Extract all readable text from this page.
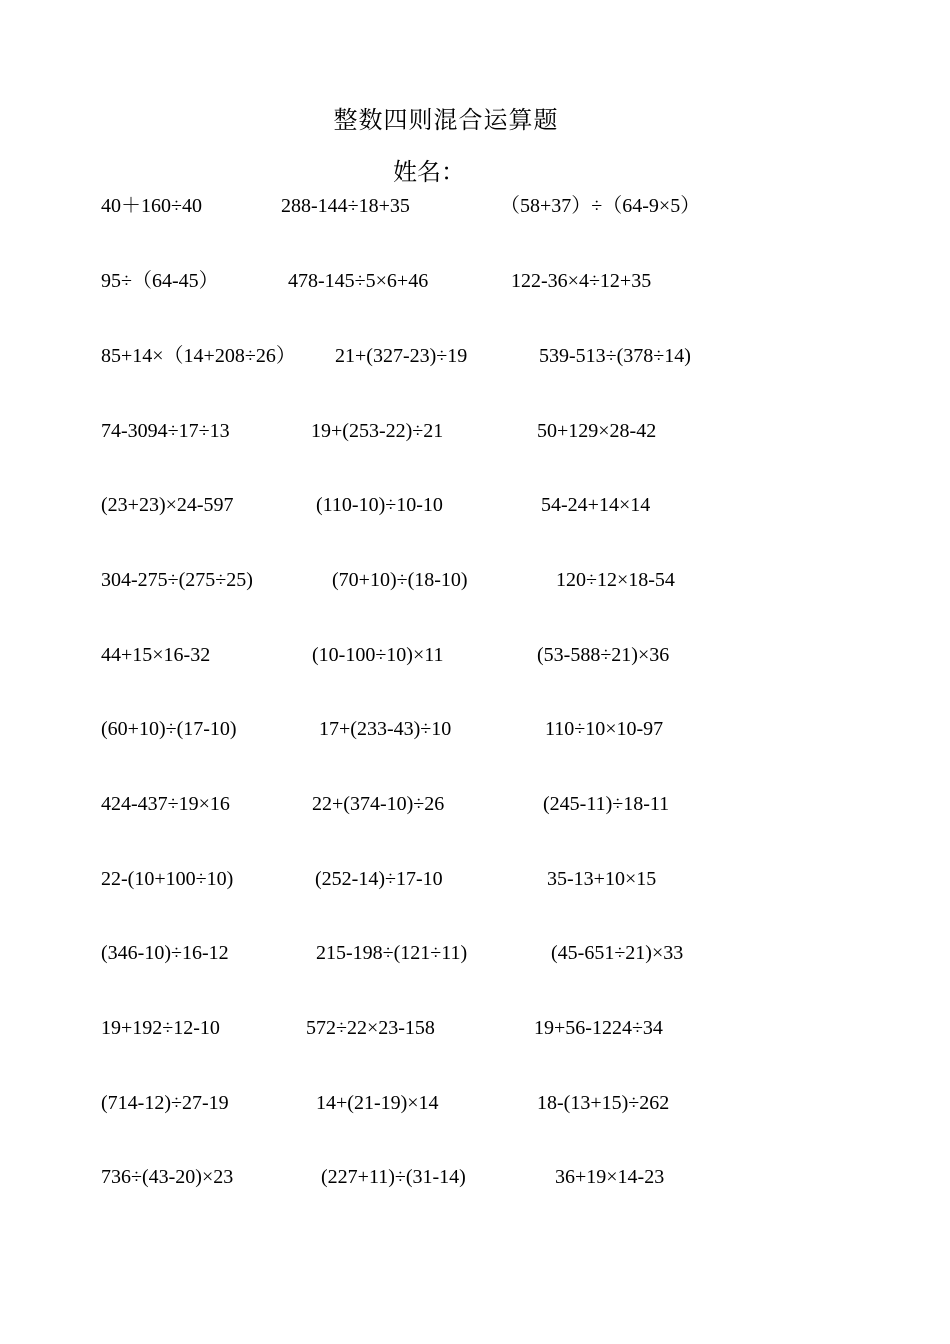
整数四则混合运算题
姓名：
40＋160÷40	288-144÷18+35	（58+37）÷（64-9×5）
95÷（64-45）	478-145÷5×6+46	122-36×4÷12+35
85+14×（14+208÷26） 21+(327-23)÷19	539-513÷(378÷14)
74-3094÷17÷13	19+(253-22)÷21	50+129×28-42
(23+23)×24-597	(110-10)÷10-10	54-24+14×14
304-275÷(275÷25)	(70+10)÷(18-10)	120÷12×18-54
44+15×16-32	(10-100÷10)×11	(53-588÷21)×36
(60+10)÷(17-10)	17+(233-43)÷10	110÷10×10-97
424-437÷19×16	22+(374-10)÷26	(245-11)÷18-11
22-(10+100÷10)	(252-14)÷17-10	35-13+10×15
(346-10)÷16-12	215-198÷(121÷11)	(45-651÷21)×33
19+192÷12-10	572÷22×23-158	19+56-1224÷34
(714-12)÷27-19	14+(21-19)×14	18-(13+15)÷262
736÷(43-20)×23	(227+11)÷(31-14)	36+19×14-23
